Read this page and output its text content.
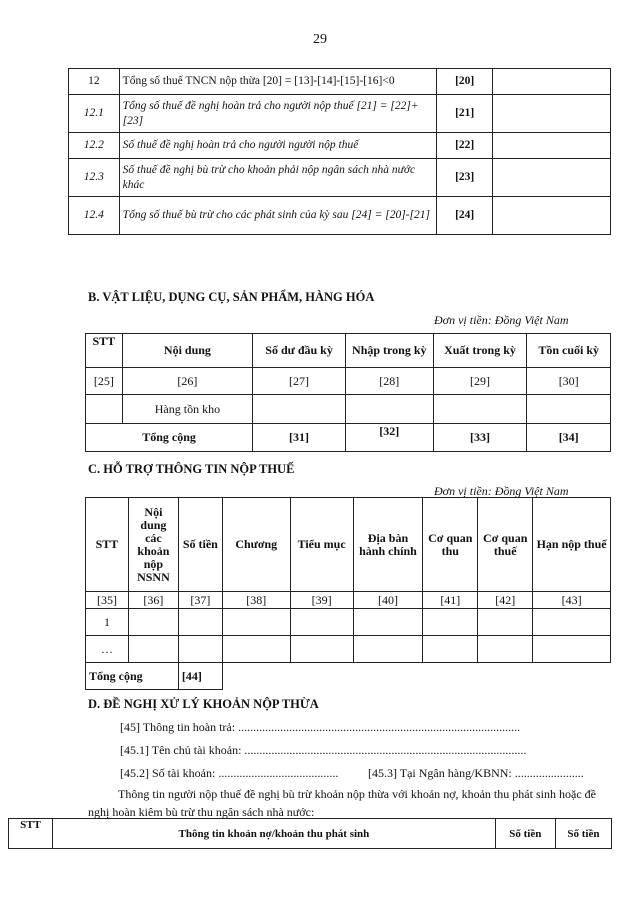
29
12	Tổng số thuế TNCN nộp thừa [20] = [13]-[14]-[15]-[16]<0	[20]	
12.1	Tổng số thuế đề nghị hoàn trả cho người nộp thuế [21] = [22]+[23]	[21]	
12.2	Số thuế đề nghị hoàn trả cho người người nộp thuế	[22]	
12.3	Số thuế đề nghị bù trừ cho khoản phải nộp ngân sách nhà nước khác	[23]	
12.4	Tổng số thuế bù trừ cho các phát sinh của kỳ sau [24] = [20]-[21]	[24]	
B. VẬT LIỆU, DỤNG CỤ, SẢN PHẨM, HÀNG HÓA
Đơn vị tiền: Đồng Việt Nam
STT	Nội dung	Số dư đầu kỳ	Nhập trong kỳ	Xuất trong kỳ	Tồn cuối kỳ
[25]	[26]	[27]	[28]	[29]	[30]
	Hàng tồn kho				
Tổng cộng		[31]	[32]	[33]	[34]
C. HỖ TRỢ THÔNG TIN NỘP THUẾ
Đơn vị tiền: Đồng Việt Nam
STT	Nội dung các khoản nộp NSNN	Số tiền	Chương	Tiểu mục	Địa bàn hành chính	Cơ quan thu	Cơ quan thuế	Hạn nộp thuế
[35]	[36]	[37]	[38]	[39]	[40]	[41]	[42]	[43]
1								
…								
Tổng cộng		[44]						
D. ĐỀ NGHỊ XỬ LÝ KHOẢN NỘP THỪA
[45] Thông tin hoàn trả: ..............................................................................................
[45.1] Tên chủ tài khoản: ..............................................................................................
[45.2] Số tài khoản: ........................................ [45.3] Tại Ngân hàng/KBNN: .......................
Thông tin người nộp thuế đề nghị bù trừ khoản nộp thừa với khoản nợ, khoản thu phát sinh hoặc đề nghị hoàn kiêm bù trừ thu ngân sách nhà nước:
STT	Thông tin khoản nợ/khoản thu phát sinh	Số tiền	Số tiền
